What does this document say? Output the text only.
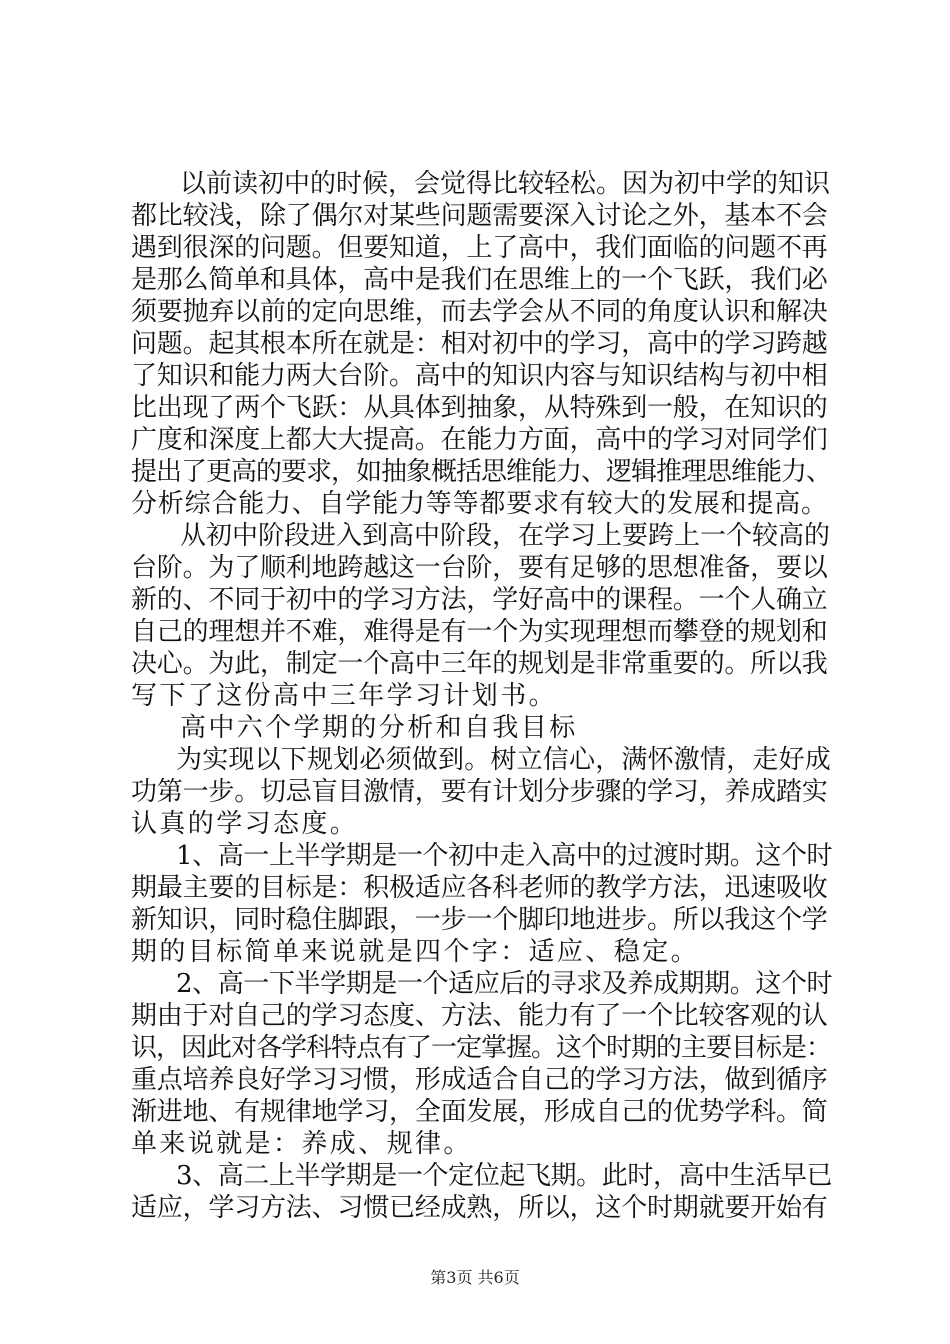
以前读初中的时候，会觉得比较轻松。因为初中学的知识
都比较浅，除了偶尔对某些问题需要深入讨论之外，基本不会
遇到很深的问题。但要知道，上了高中，我们面临的问题不再
是那么简单和具体，高中是我们在思维上的一个飞跃，我们必
须要抛弃以前的定向思维，而去学会从不同的角度认识和解决
问题。起其根本所在就是：相对初中的学习，高中的学习跨越
了知识和能力两大台阶。高中的知识内容与知识结构与初中相
比出现了两个飞跃：从具体到抽象，从特殊到一般，在知识的
广度和深度上都大大提高。在能力方面，高中的学习对同学们
提出了更高的要求，如抽象概括思维能力、逻辑推理思维能力、
分析综合能力、自学能力等等都要求有较大的发展和提高。
从初中阶段进入到高中阶段，在学习上要跨上一个较高的
台阶。为了顺利地跨越这一台阶，要有足够的思想准备，要以
新的、不同于初中的学习方法，学好高中的课程。一个人确立
自己的理想并不难，难得是有一个为实现理想而攀登的规划和
决心。为此，制定一个高中三年的规划是非常重要的。所以我
写下了这份高中三年学习计划书。
高中六个学期的分析和自我目标
为实现以下规划必须做到。树立信心，满怀激情，走好成
功第一步。切忌盲目激情，要有计划分步骤的学习，养成踏实
认真的学习态度。
1、高一上半学期是一个初中走入高中的过渡时期。这个时
期最主要的目标是：积极适应各科老师的教学方法，迅速吸收
新知识，同时稳住脚跟，一步一个脚印地进步。所以我这个学
期的目标简单来说就是四个字：适应、稳定。
2、高一下半学期是一个适应后的寻求及养成期期。这个时
期由于对自己的学习态度、方法、能力有了一个比较客观的认
识，因此对各学科特点有了一定掌握。这个时期的主要目标是：
重点培养良好学习习惯，形成适合自己的学习方法，做到循序
渐进地、有规律地学习，全面发展，形成自己的优势学科。简
单来说就是：养成、规律。
3、高二上半学期是一个定位起飞期。此时，高中生活早已
适应，学习方法、习惯已经成熟，所以，这个时期就要开始有
第3页 共6页
